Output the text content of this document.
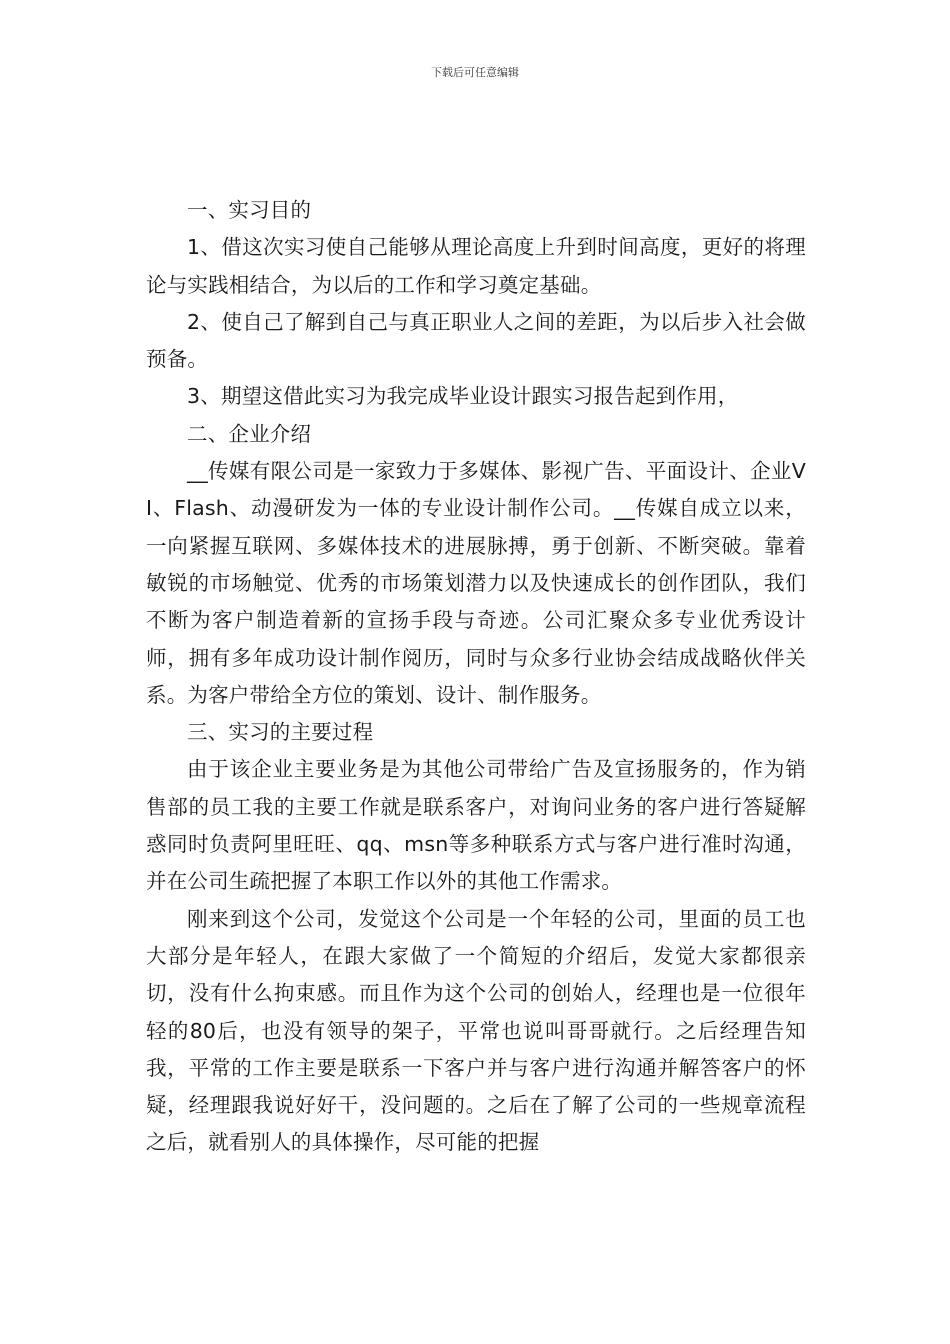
下载后可任意编辑

一、实习目的

1、借这次实习使自己能够从理论高度上升到时间高度，更好的将理论与实践相结合，为以后的工作和学习奠定基础。

2、使自己了解到自己与真正职业人之间的差距，为以后步入社会做预备。

3、期望这借此实习为我完成毕业设计跟实习报告起到作用，

二、企业介绍

__传媒有限公司是一家致力于多媒体、影视广告、平面设计、企业VI、Flash、动漫研发为一体的专业设计制作公司。__传媒自成立以来，一向紧握互联网、多媒体技术的进展脉搏，勇于创新、不断突破。靠着敏锐的市场触觉、优秀的市场策划潜力以及快速成长的创作团队，我们不断为客户制造着新的宣扬手段与奇迹。公司汇聚众多专业优秀设计师，拥有多年成功设计制作阅历，同时与众多行业协会结成战略伙伴关系。为客户带给全方位的策划、设计、制作服务。

三、实习的主要过程

由于该企业主要业务是为其他公司带给广告及宣扬服务的，作为销售部的员工我的主要工作就是联系客户，对询问业务的客户进行答疑解惑同时负责阿里旺旺、qq、msn等多种联系方式与客户进行准时沟通，并在公司生疏把握了本职工作以外的其他工作需求。

刚来到这个公司，发觉这个公司是一个年轻的公司，里面的员工也大部分是年轻人，在跟大家做了一个简短的介绍后，发觉大家都很亲切，没有什么拘束感。而且作为这个公司的创始人，经理也是一位很年轻的80后，也没有领导的架子，平常也说叫哥哥就行。之后经理告知我，平常的工作主要是联系一下客户并与客户进行沟通并解答客户的怀疑，经理跟我说好好干，没问题的。之后在了解了公司的一些规章流程之后，就看别人的具体操作，尽可能的把握
